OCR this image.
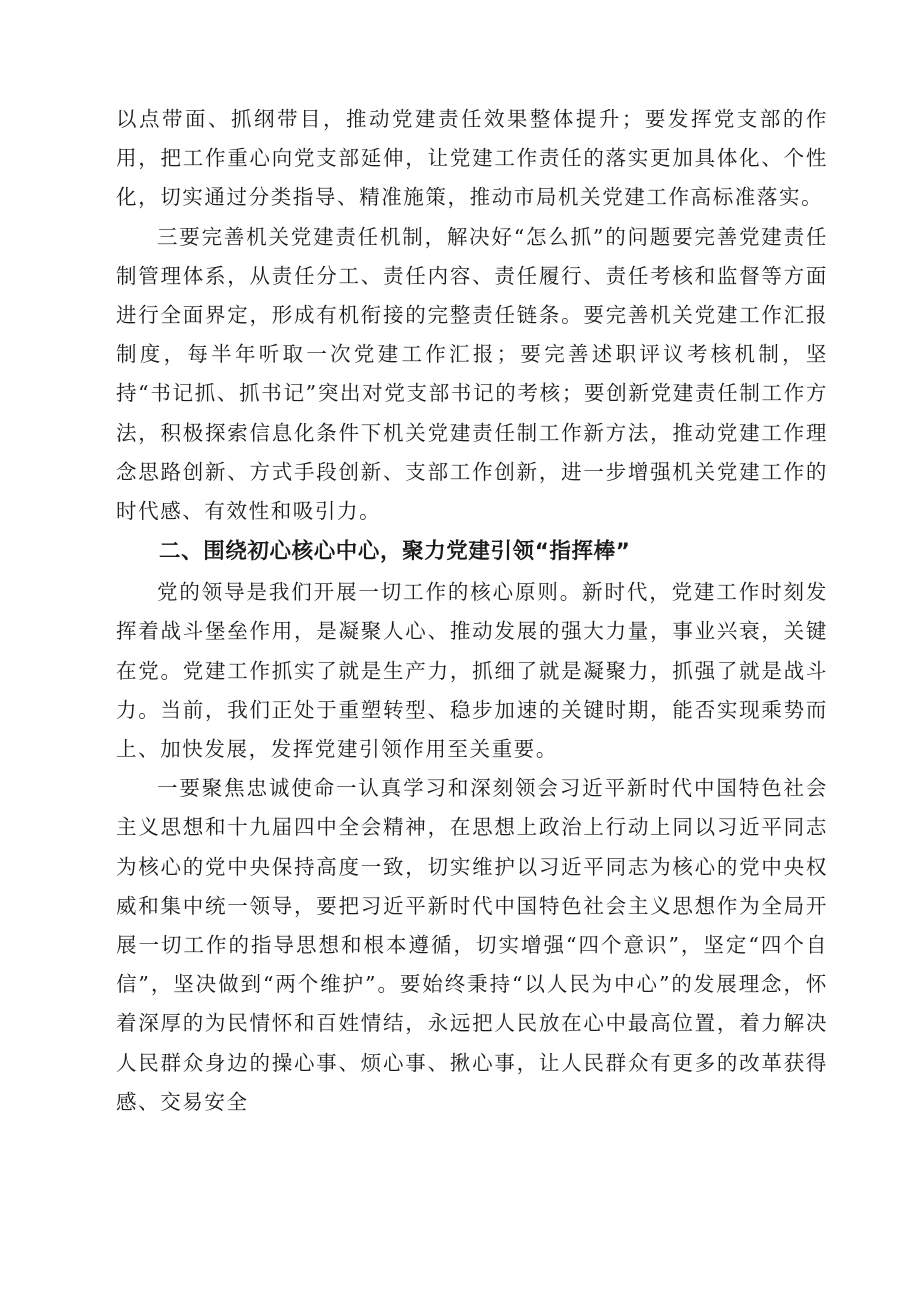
以点带面、抓纲带目，推动党建责任效果整体提升；要发挥党支部的作用，把工作重心向党支部延伸，让党建工作责任的落实更加具体化、个性化，切实通过分类指导、精准施策，推动市局机关党建工作高标准落实。

三要完善机关党建责任机制，解决好“怎么抓”的问题要完善党建责任制管理体系，从责任分工、责任内容、责任履行、责任考核和监督等方面进行全面界定，形成有机衔接的完整责任链条。要完善机关党建工作汇报制度，每半年听取一次党建工作汇报；要完善述职评议考核机制，坚持“书记抓、抓书记”突出对党支部书记的考核；要创新党建责任制工作方法，积极探索信息化条件下机关党建责任制工作新方法，推动党建工作理念思路创新、方式手段创新、支部工作创新，进一步增强机关党建工作的时代感、有效性和吸引力。

二、围绕初心核心中心，聚力党建引领“指挥棒”

党的领导是我们开展一切工作的核心原则。新时代，党建工作时刻发挥着战斗堡垒作用，是凝聚人心、推动发展的强大力量，事业兴衰，关键在党。党建工作抓实了就是生产力，抓细了就是凝聚力，抓强了就是战斗力。当前，我们正处于重塑转型、稳步加速的关键时期，能否实现乘势而上、加快发展，发挥党建引领作用至关重要。

一要聚焦忠诚使命一认真学习和深刻领会习近平新时代中国特色社会主义思想和十九届四中全会精神，在思想上政治上行动上同以习近平同志为核心的党中央保持高度一致，切实维护以习近平同志为核心的党中央权威和集中统一领导，要把习近平新时代中国特色社会主义思想作为全局开展一切工作的指导思想和根本遵循，切实增强“四个意识”，坚定“四个自信”，坚决做到“两个维护”。要始终秉持“以人民为中心”的发展理念，怀着深厚的为民情怀和百姓情结，永远把人民放在心中最高位置，着力解决人民群众身边的操心事、烦心事、揪心事，让人民群众有更多的改革获得感、交易安全
